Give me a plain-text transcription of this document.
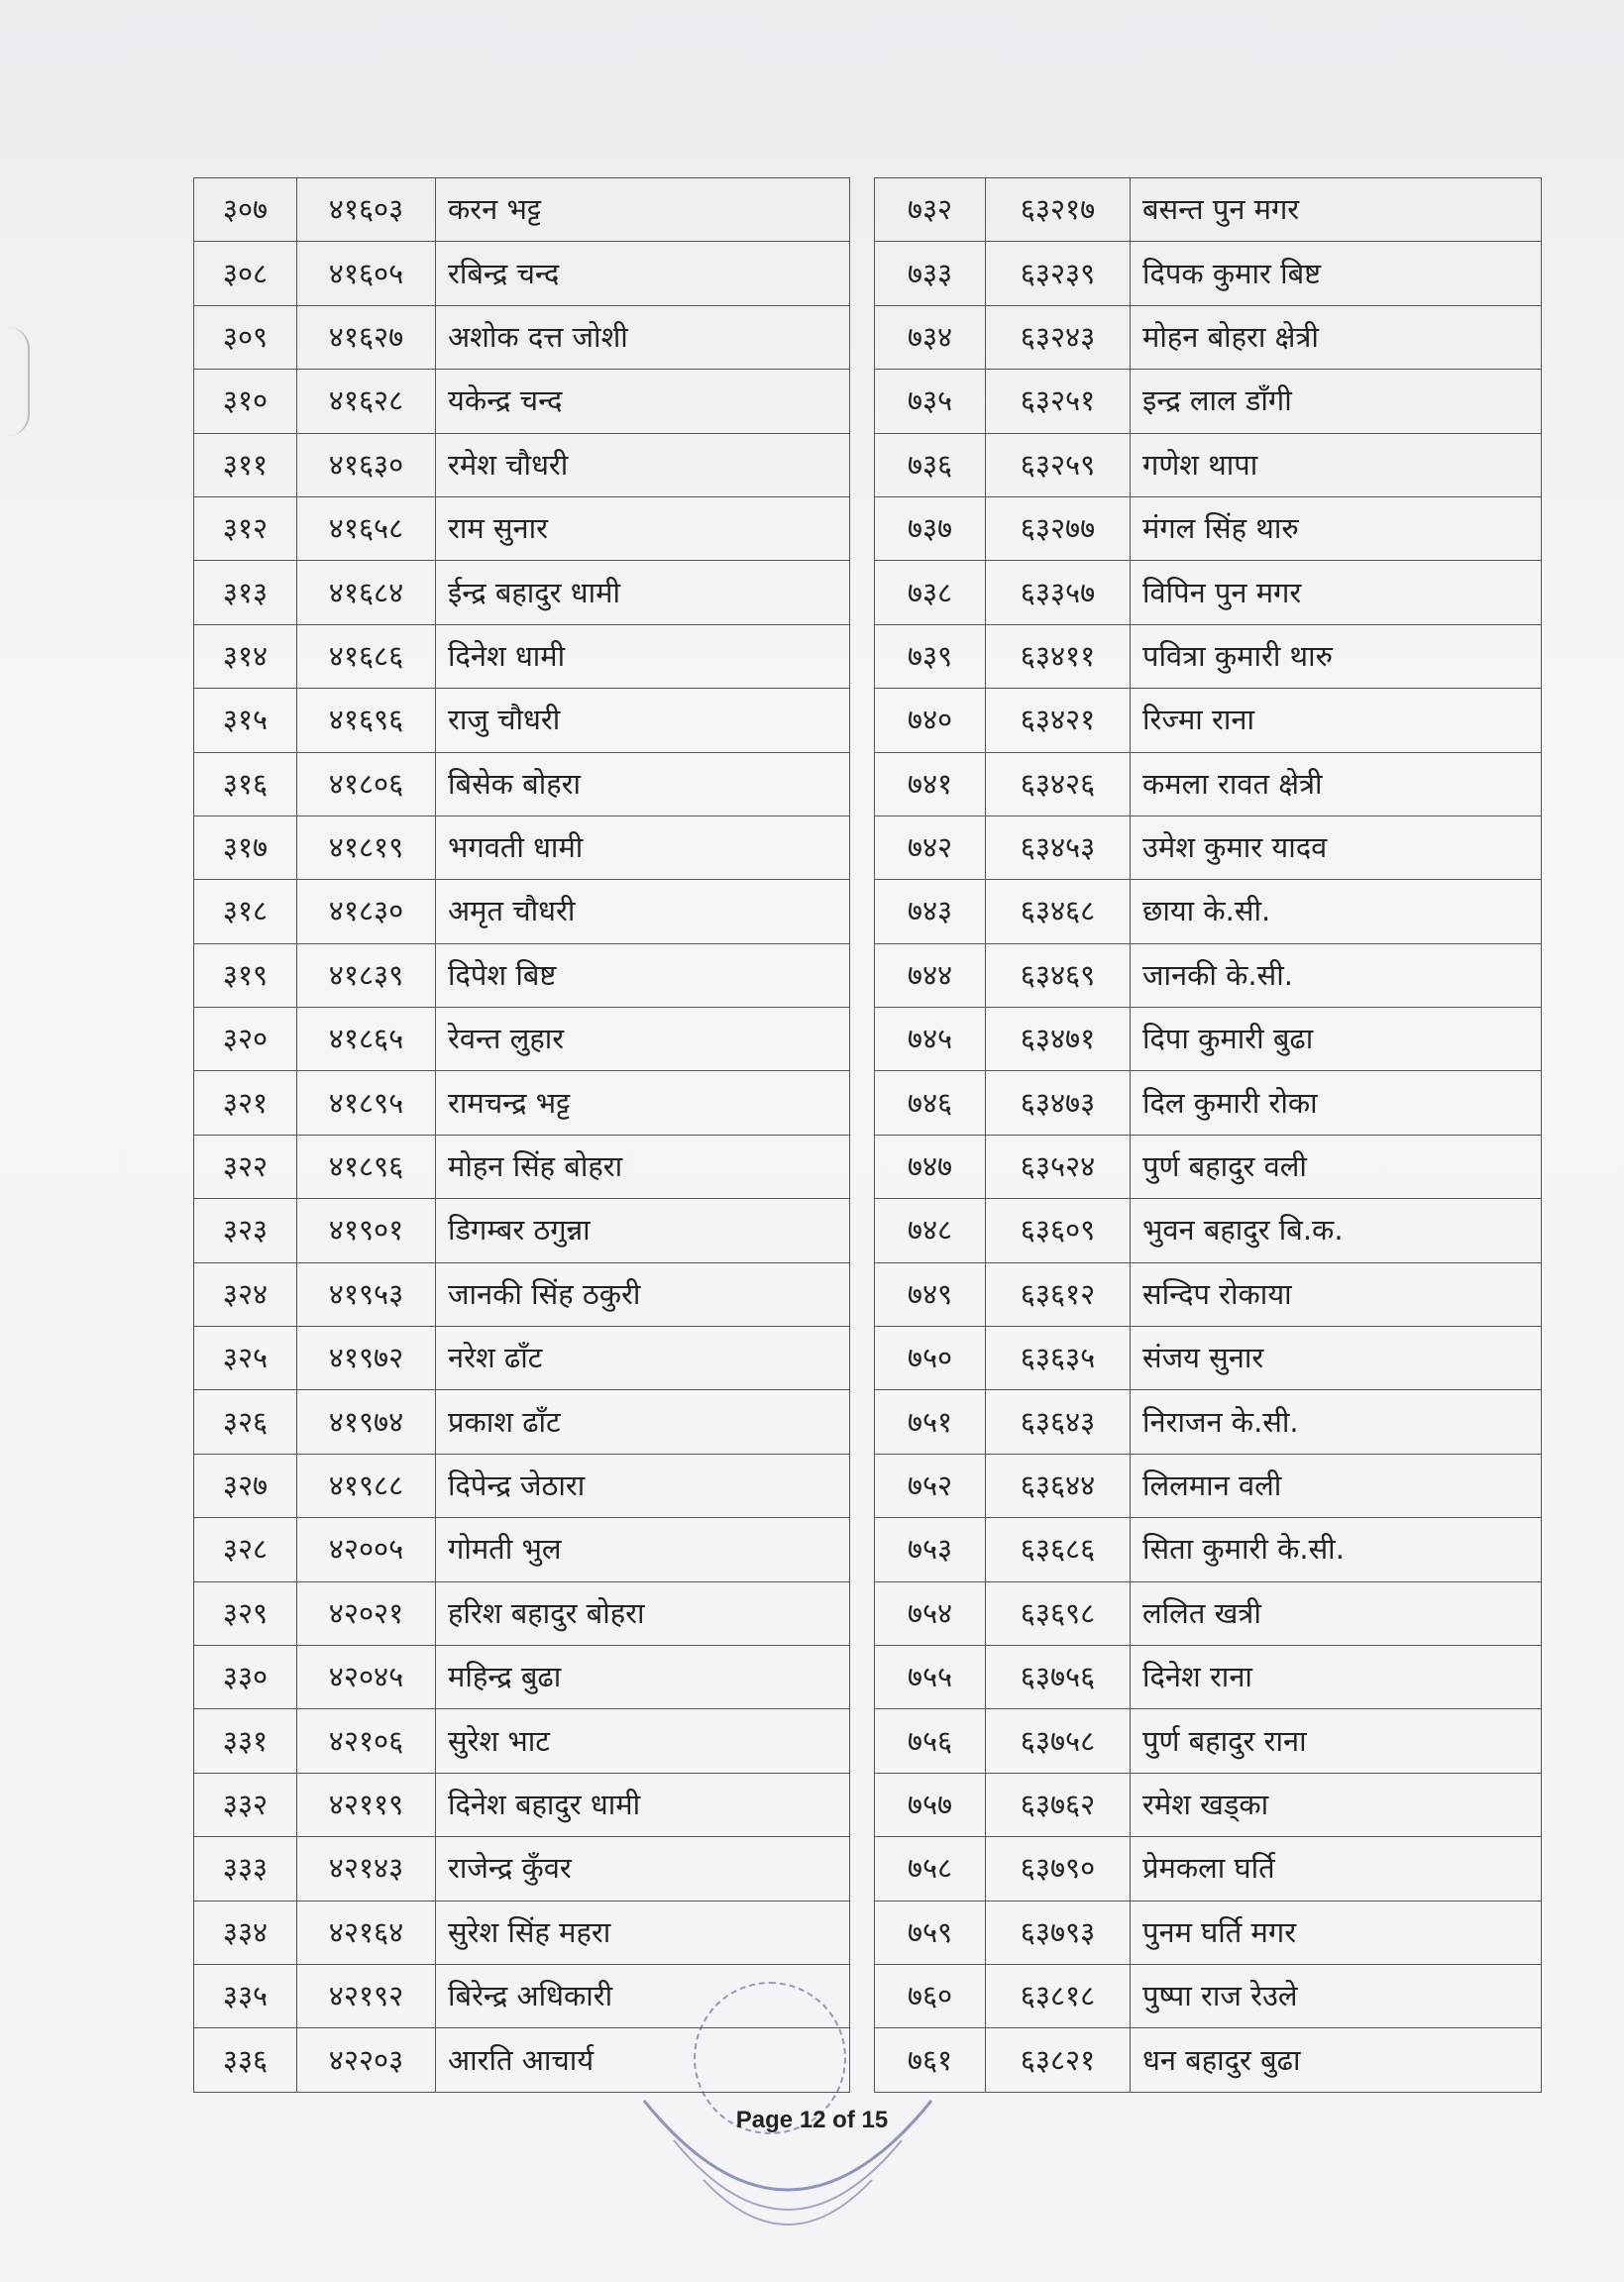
३०७	४१६०३	करन भट्ट
३०८	४१६०५	रबिन्द्र चन्द
३०९	४१६२७	अशोक दत्त जोशी
३१०	४१६२८	यकेन्द्र चन्द
३११	४१६३०	रमेश चौधरी
३१२	४१६५८	राम सुनार
३१३	४१६८४	ईन्द्र बहादुर धामी
३१४	४१६८६	दिनेश धामी
३१५	४१६९६	राजु चौधरी
३१६	४१८०६	बिसेक बोहरा
३१७	४१८१९	भगवती धामी
३१८	४१८३०	अमृत चौधरी
३१९	४१८३९	दिपेश बिष्ट
३२०	४१८६५	रेवन्त लुहार
३२१	४१८९५	रामचन्द्र भट्ट
३२२	४१८९६	मोहन सिंह बोहरा
३२३	४१९०१	डिगम्बर ठगुन्ना
३२४	४१९५३	जानकी सिंह ठकुरी
३२५	४१९७२	नरेश ढाँट
३२६	४१९७४	प्रकाश ढाँट
३२७	४१९८८	दिपेन्द्र जेठारा
३२८	४२००५	गोमती भुल
३२९	४२०२१	हरिश बहादुर बोहरा
३३०	४२०४५	महिन्द्र बुढा
३३१	४२१०६	सुरेश भाट
३३२	४२११९	दिनेश बहादुर धामी
३३३	४२१४३	राजेन्द्र कुँवर
३३४	४२१६४	सुरेश सिंह महरा
३३५	४२१९२	बिरेन्द्र अधिकारी
३३६	४२२०३	आरति आचार्य
७३२	६३२१७	बसन्त पुन मगर
७३३	६३२३९	दिपक कुमार बिष्ट
७३४	६३२४३	मोहन बोहरा क्षेत्री
७३५	६३२५१	इन्द्र लाल डाँगी
७३६	६३२५९	गणेश थापा
७३७	६३२७७	मंगल सिंह थारु
७३८	६३३५७	विपिन पुन मगर
७३९	६३४११	पवित्रा कुमारी थारु
७४०	६३४२१	रिज्मा राना
७४१	६३४२६	कमला रावत क्षेत्री
७४२	६३४५३	उमेश कुमार यादव
७४३	६३४६८	छाया के.सी.
७४४	६३४६९	जानकी के.सी.
७४५	६३४७१	दिपा कुमारी बुढा
७४६	६३४७३	दिल कुमारी रोका
७४७	६३५२४	पुर्ण बहादुर वली
७४८	६३६०९	भुवन बहादुर बि.क.
७४९	६३६१२	सन्दिप रोकाया
७५०	६३६३५	संजय सुनार
७५१	६३६४३	निराजन के.सी.
७५२	६३६४४	लिलमान वली
७५३	६३६८६	सिता कुमारी के.सी.
७५४	६३६९८	ललित खत्री
७५५	६३७५६	दिनेश राना
७५६	६३७५८	पुर्ण बहादुर राना
७५७	६३७६२	रमेश खड्का
७५८	६३७९०	प्रेमकला घर्ति
७५९	६३७९३	पुनम घर्ति मगर
७६०	६३८१८	पुष्पा राज रेउले
७६१	६३८२१	धन बहादुर बुढा
Page 12 of 15
